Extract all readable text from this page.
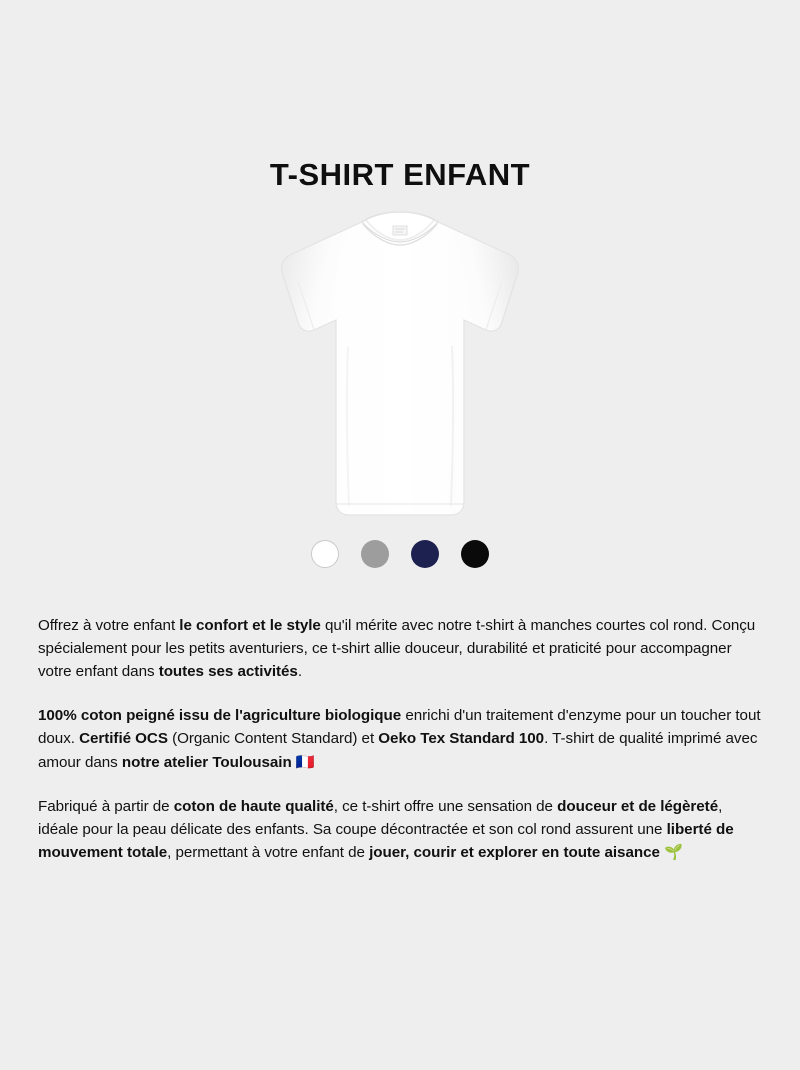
T-SHIRT ENFANT

Offrez à votre enfant le confort et le style qu'il mérite avec notre t-shirt à manches courtes col rond. Conçu spécialement pour les petits aventuriers, ce t-shirt allie douceur, durabilité et praticité pour accompagner votre enfant dans toutes ses activités.

100% coton peigné issu de l'agriculture biologique enrichi d'un traitement d'enzyme pour un toucher tout doux. Certifié OCS (Organic Content Standard) et Oeko Tex Standard 100. T-shirt de qualité imprimé avec amour dans notre atelier Toulousain 🇫🇷

Fabriqué à partir de coton de haute qualité, ce t-shirt offre une sensation de douceur et de légèreté, idéale pour la peau délicate des enfants. Sa coupe décontractée et son col rond assurent une liberté de mouvement totale, permettant à votre enfant de jouer, courir et explorer en toute aisance 🌱
